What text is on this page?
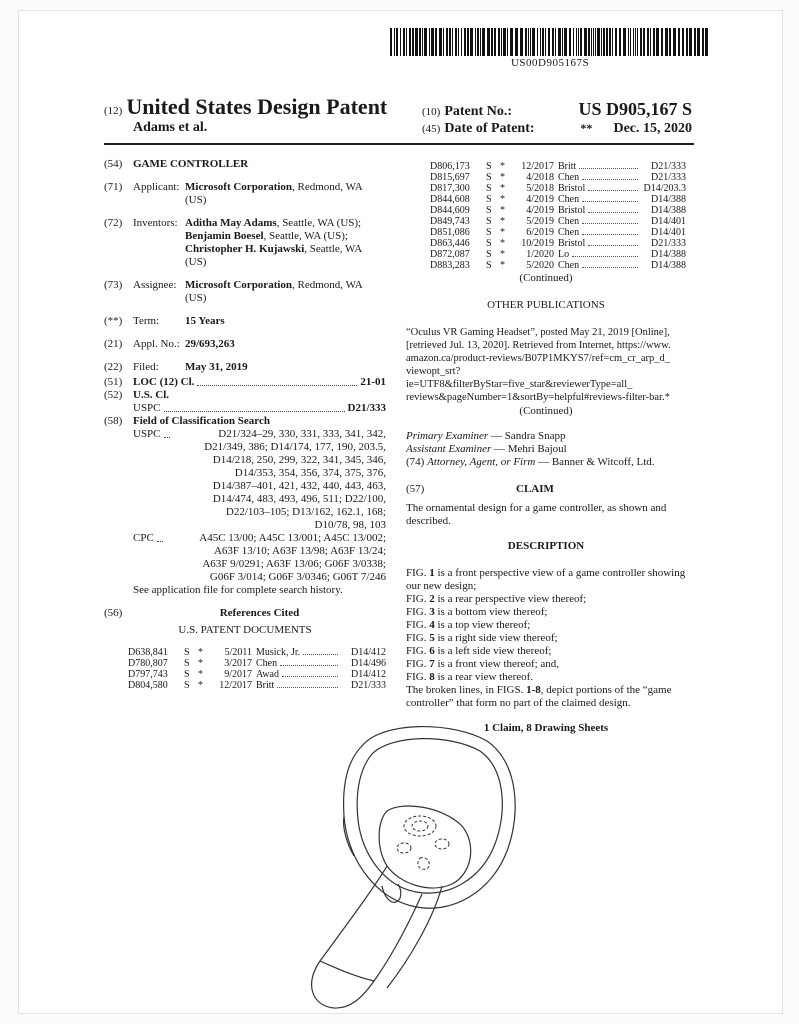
US00D905167S
(12) United States Design Patent
Adams et al.
(10) Patent No.:	US D905,167 S
(45) Date of Patent:	** Dec. 15, 2020
(54) GAME CONTROLLER
(71) Applicant: Microsoft Corporation, Redmond, WA
(US)
(72) Inventors: Aditha May Adams, Seattle, WA (US);
Benjamin Boesel, Seattle, WA (US);
Christopher H. Kujawski, Seattle, WA
(US)
(73) Assignee: Microsoft Corporation, Redmond, WA
(US)
(**) Term: 15 Years
(21) Appl. No.: 29/693,263
(22) Filed: May 31, 2019
(51) LOC (12) Cl.	21-01
(52) U.S. Cl.
USPC	D21/333
(58) Field of Classification Search
USPC	D21/324–29, 330, 331, 333, 341, 342,
D21/349, 386; D14/174, 177, 190, 203.5,
D14/218, 250, 299, 322, 341, 345, 346,
D14/353, 354, 356, 374, 375, 376,
D14/387–401, 421, 432, 440, 443, 463,
D14/474, 483, 493, 496, 511; D22/100,
D22/103–105; D13/162, 162.1, 168;
D10/78, 98, 103
CPC	A45C 13/00; A45C 13/001; A45C 13/002;
A63F 13/10; A63F 13/98; A63F 13/24;
A63F 9/0291; A63F 13/06; G06F 3/0338;
G06F 3/014; G06F 3/0346; G06T 7/246
See application file for complete search history.
(56)	References Cited
U.S. PATENT DOCUMENTS
D638,841	S *	5/2011 Musick, Jr.	D14/412
D780,807	S *	3/2017 Chen	D14/496
D797,743	S *	9/2017 Awad	D14/412
D804,580	S *	12/2017 Britt	D21/333
D806,173	S *	12/2017 Britt	D21/333
D815,697	S *	4/2018 Chen	D21/333
D817,300	S *	5/2018 Bristol	D14/203.3
D844,608	S *	4/2019 Chen	D14/388
D844,609	S *	4/2019 Bristol	D14/388
D849,743	S *	5/2019 Chen	D14/401
D851,086	S *	6/2019 Chen	D14/401
D863,446	S *	10/2019 Bristol	D21/333
D872,087	S *	1/2020 Lo	D14/388
D883,283	S *	5/2020 Chen	D14/388
(Continued)
OTHER PUBLICATIONS
“Oculus VR Gaming Headset”, posted May 21, 2019 [Online],
[retrieved Jul. 13, 2020]. Retrieved from Internet, https://www.
amazon.ca/product-reviews/B07P1MKYS7/ref=cm_cr_arp_d_
viewopt_srt?ie=UTF8&filterByStar=five_star&reviewerType=all_
reviews&pageNumber=1&sortBy=helpful#reviews-filter-bar.*
(Continued)
Primary Examiner — Sandra Snapp
Assistant Examiner — Mehri Bajoul
(74) Attorney, Agent, or Firm — Banner & Witcoff, Ltd.
(57)	CLAIM
The ornamental design for a game controller, as shown and described.
DESCRIPTION

FIG. 1 is a front perspective view of a game controller showing our new design;

FIG. 2 is a rear perspective view thereof;

FIG. 3 is a bottom view thereof;

FIG. 4 is a top view thereof;

FIG. 5 is a right side view thereof;

FIG. 6 is a left side view thereof;

FIG. 7 is a front view thereof; and,

FIG. 8 is a rear view thereof.

The broken lines, in FIGS. 1-8, depict portions of the “game controller” that form no part of the claimed design.
1 Claim, 8 Drawing Sheets
